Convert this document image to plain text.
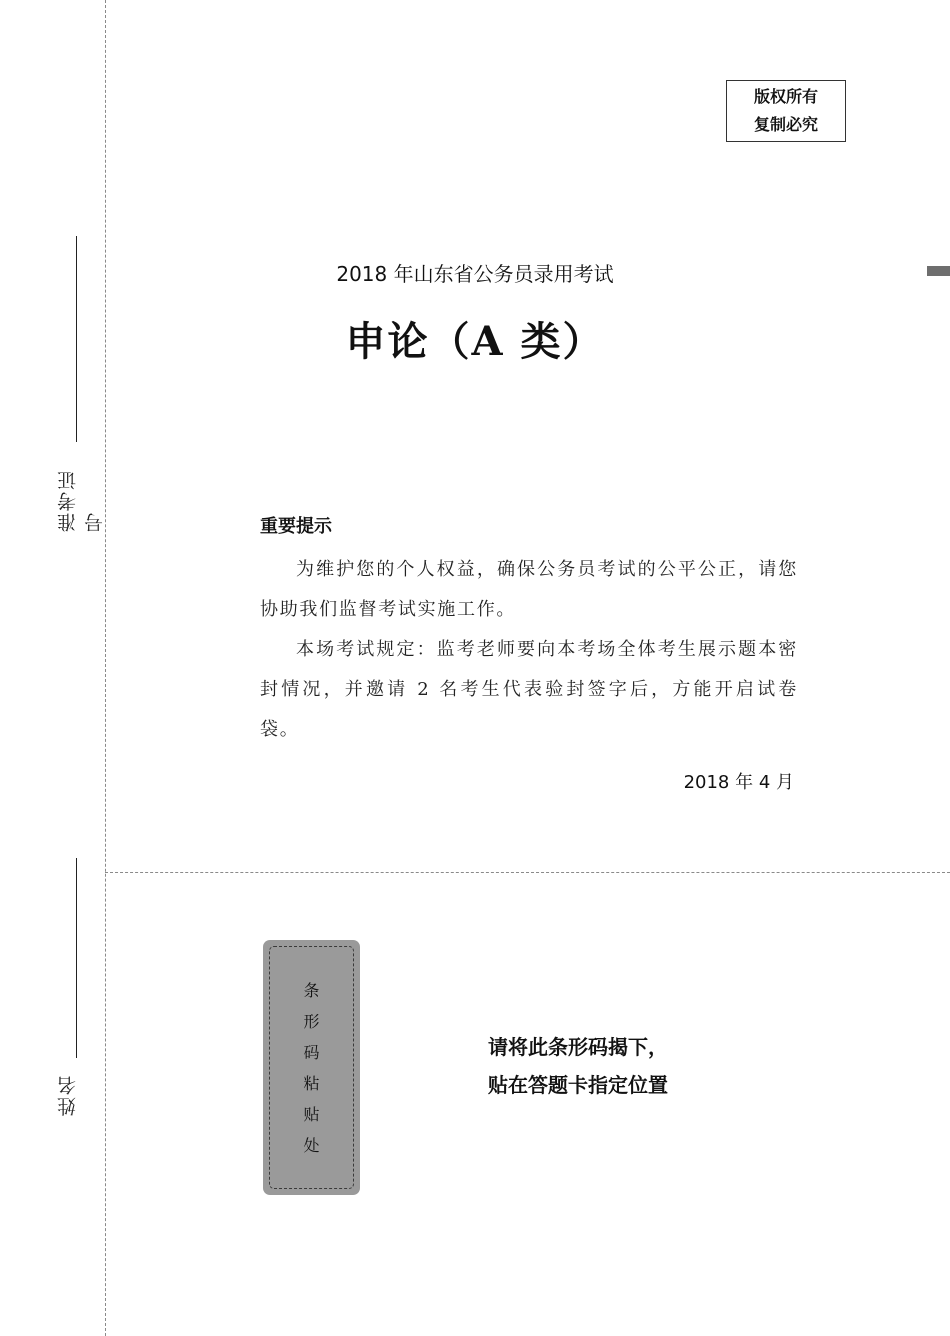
准考证号
姓名
版权所有
复制必究
2018 年山东省公务员录用考试
申论（A 类）
重要提示
为维护您的个人权益，确保公务员考试的公平公正，请您协助我们监督考试实施工作。
本场考试规定：监考老师要向本考场全体考生展示题本密封情况，并邀请 2 名考生代表验封签字后，方能开启试卷袋。
2018 年 4 月
条
形
码
粘
贴
处
请将此条形码揭下，
贴在答题卡指定位置
